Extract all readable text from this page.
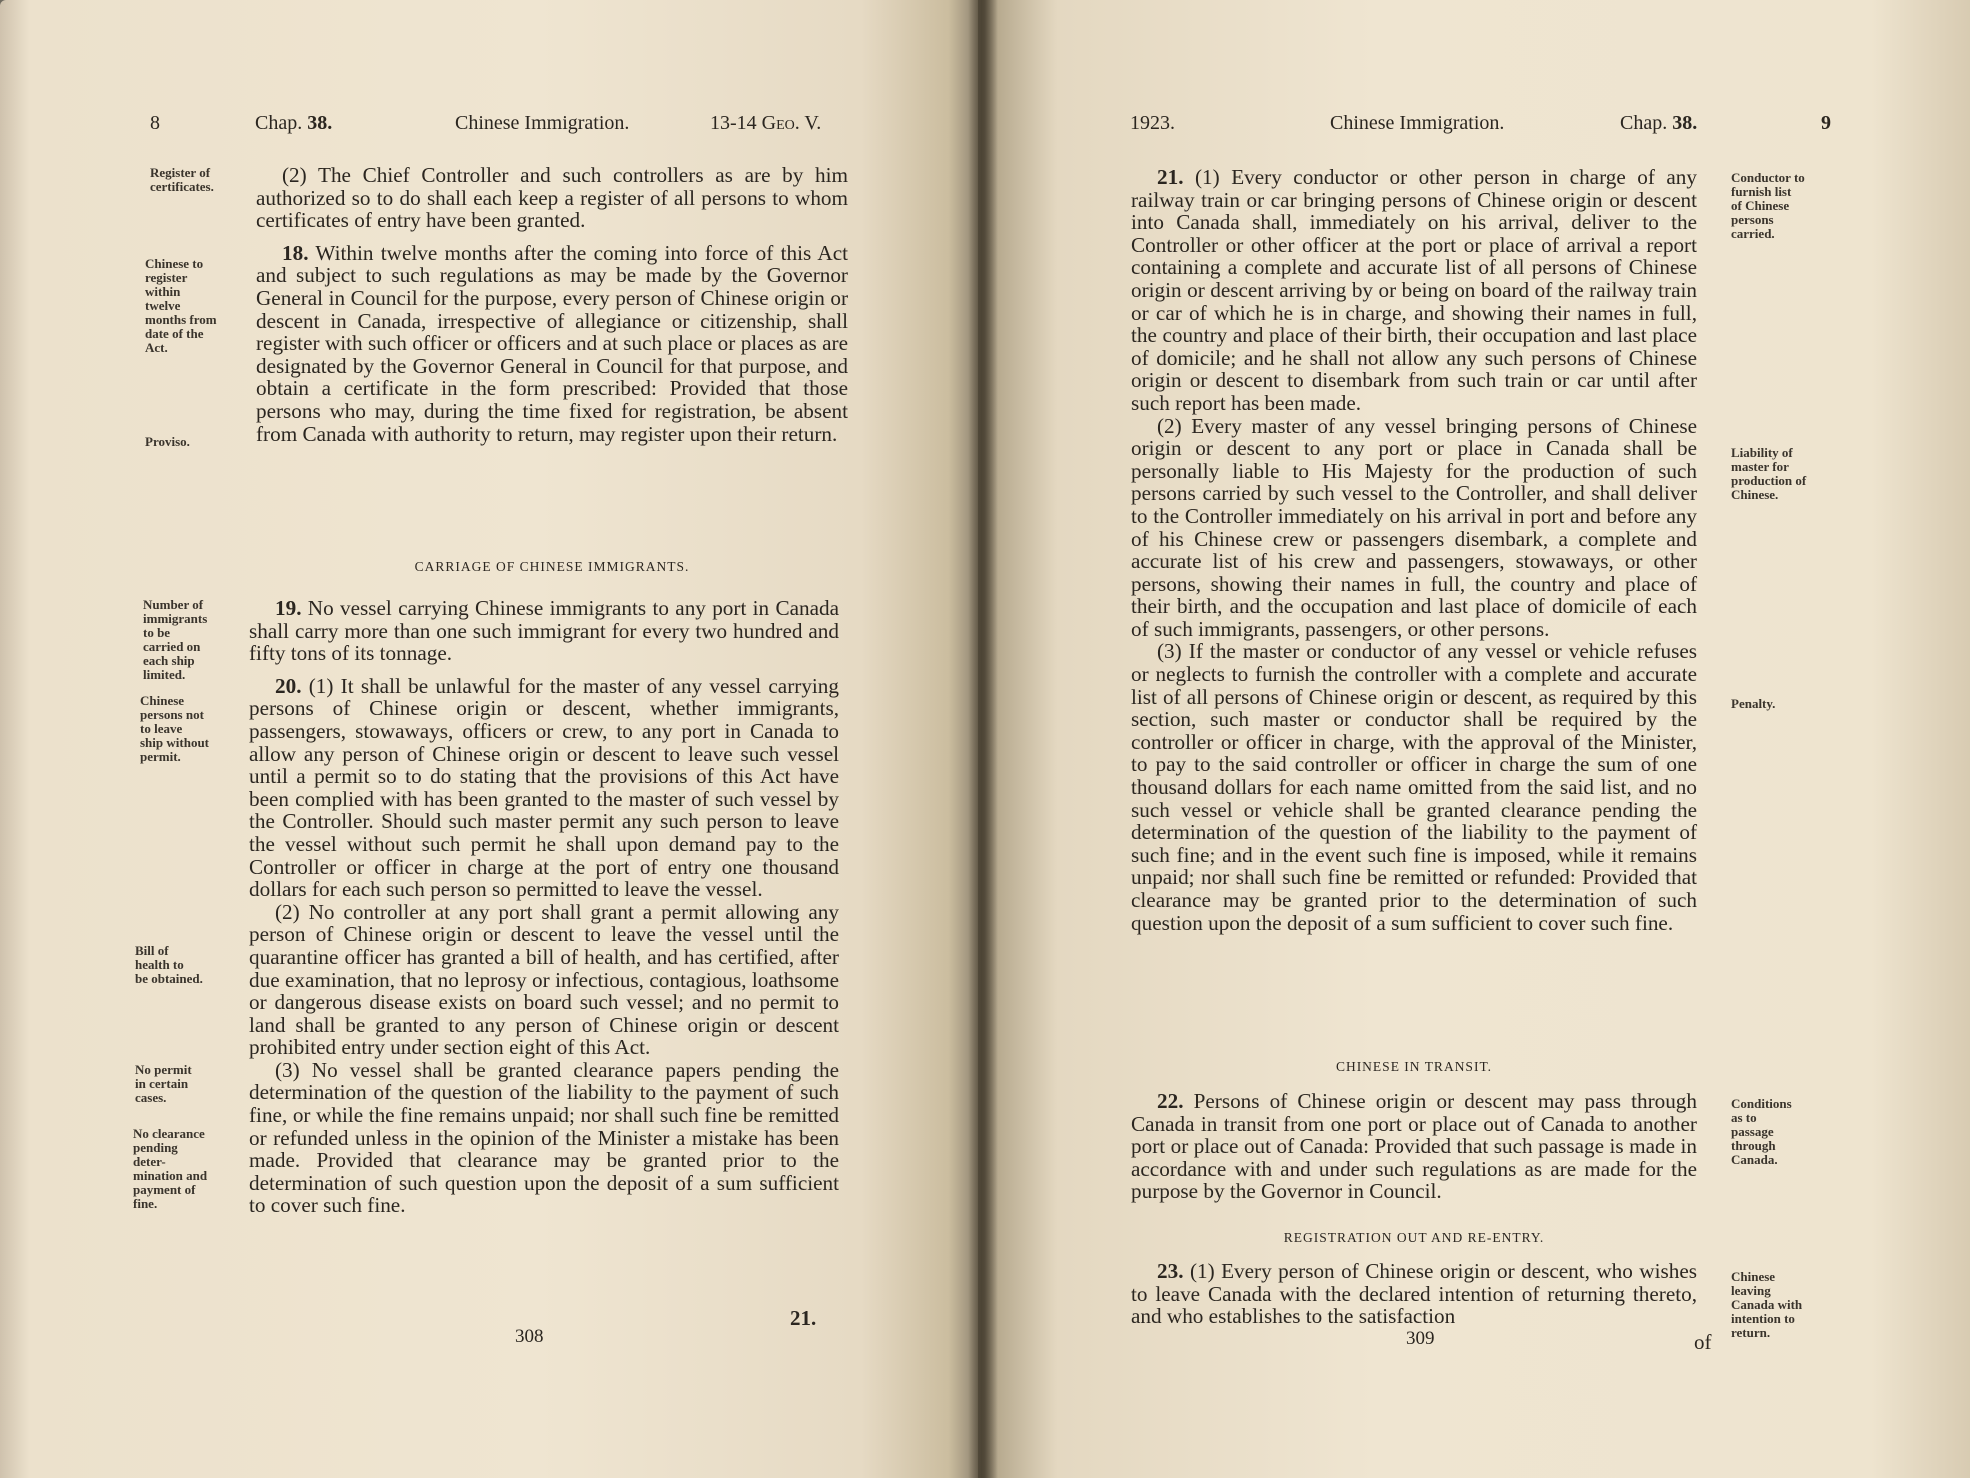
8	Chap. 38.	Chinese Immigration.	13-14 Geo. V.
Register of
certificates.
Chinese to
register
within
twelve
months from
date of the
Act.
Proviso.
Number of
immigrants
to be
carried on
each ship
limited.
Chinese
persons not
to leave
ship without
permit.
Bill of
health to
be obtained.
No permit
in certain
cases.
No clearance
pending
deter-
mination and
payment of
fine.

(2) The Chief Controller and such controllers as are by him authorized so to do shall each keep a register of all persons to whom certificates of entry have been granted.

18. Within twelve months after the coming into force of this Act and subject to such regulations as may be made by the Governor General in Council for the purpose, every person of Chinese origin or descent in Canada, irrespective of allegiance or citizenship, shall register with such officer or officers and at such place or places as are designated by the Governor General in Council for that purpose, and obtain a certificate in the form prescribed: Provided that those persons who may, during the time fixed for registration, be absent from Canada with authority to return, may register upon their return.

CARRIAGE OF CHINESE IMMIGRANTS.

19. No vessel carrying Chinese immigrants to any port in Canada shall carry more than one such immigrant for every two hundred and fifty tons of its tonnage.

20. (1) It shall be unlawful for the master of any vessel carrying persons of Chinese origin or descent, whether immigrants, passengers, stowaways, officers or crew, to any port in Canada to allow any person of Chinese origin or descent to leave such vessel until a permit so to do stating that the provisions of this Act have been complied with has been granted to the master of such vessel by the Controller. Should such master permit any such person to leave the vessel without such permit he shall upon demand pay to the Controller or officer in charge at the port of entry one thousand dollars for each such person so permitted to leave the vessel.

(2) No controller at any port shall grant a permit allowing any person of Chinese origin or descent to leave the vessel until the quarantine officer has granted a bill of health, and has certified, after due examination, that no leprosy or infectious, contagious, loathsome or dangerous disease exists on board such vessel; and no permit to land shall be granted to any person of Chinese origin or descent prohibited entry under section eight of this Act.

(3) No vessel shall be granted clearance papers pending the determination of the question of the liability to the payment of such fine, or while the fine remains unpaid; nor shall such fine be remitted or refunded unless in the opinion of the Minister a mistake has been made. Provided that clearance may be granted prior to the determination of such question upon the deposit of a sum sufficient to cover such fine.

21.
308
1923.	Chinese Immigration.	Chap. 38.	9

21. (1) Every conductor or other person in charge of any railway train or car bringing persons of Chinese origin or descent into Canada shall, immediately on his arrival, deliver to the Controller or other officer at the port or place of arrival a report containing a complete and accurate list of all persons of Chinese origin or descent arriving by or being on board of the railway train or car of which he is in charge, and showing their names in full, the country and place of their birth, their occupation and last place of domicile; and he shall not allow any such persons of Chinese origin or descent to disembark from such train or car until after such report has been made.

(2) Every master of any vessel bringing persons of Chinese origin or descent to any port or place in Canada shall be personally liable to His Majesty for the production of such persons carried by such vessel to the Controller, and shall deliver to the Controller immediately on his arrival in port and before any of his Chinese crew or passengers disembark, a complete and accurate list of his crew and passengers, stowaways, or other persons, showing their names in full, the country and place of their birth, and the occupation and last place of domicile of each of such immigrants, passengers, or other persons.

(3) If the master or conductor of any vessel or vehicle refuses or neglects to furnish the controller with a complete and accurate list of all persons of Chinese origin or descent, as required by this section, such master or conductor shall be required by the controller or officer in charge, with the approval of the Minister, to pay to the said controller or officer in charge the sum of one thousand dollars for each name omitted from the said list, and no such vessel or vehicle shall be granted clearance pending the determination of the question of the liability to the payment of such fine; and in the event such fine is imposed, while it remains unpaid; nor shall such fine be remitted or refunded: Provided that clearance may be granted prior to the determination of such question upon the deposit of a sum sufficient to cover such fine.

Conductor to
furnish list
of Chinese
persons
carried.
Liability of
master for
production of
Chinese.
Penalty.
Conditions
as to
passage
through
Canada.
Chinese
leaving
Canada with
intention to
return.
CHINESE IN TRANSIT.

22. Persons of Chinese origin or descent may pass through Canada in transit from one port or place out of Canada to another port or place out of Canada: Provided that such passage is made in accordance with and under such regulations as are made for the purpose by the Governor in Council.

REGISTRATION OUT AND RE-ENTRY.

23. (1) Every person of Chinese origin or descent, who wishes to leave Canada with the declared intention of returning thereto, and who establishes to the satisfaction

309	of
